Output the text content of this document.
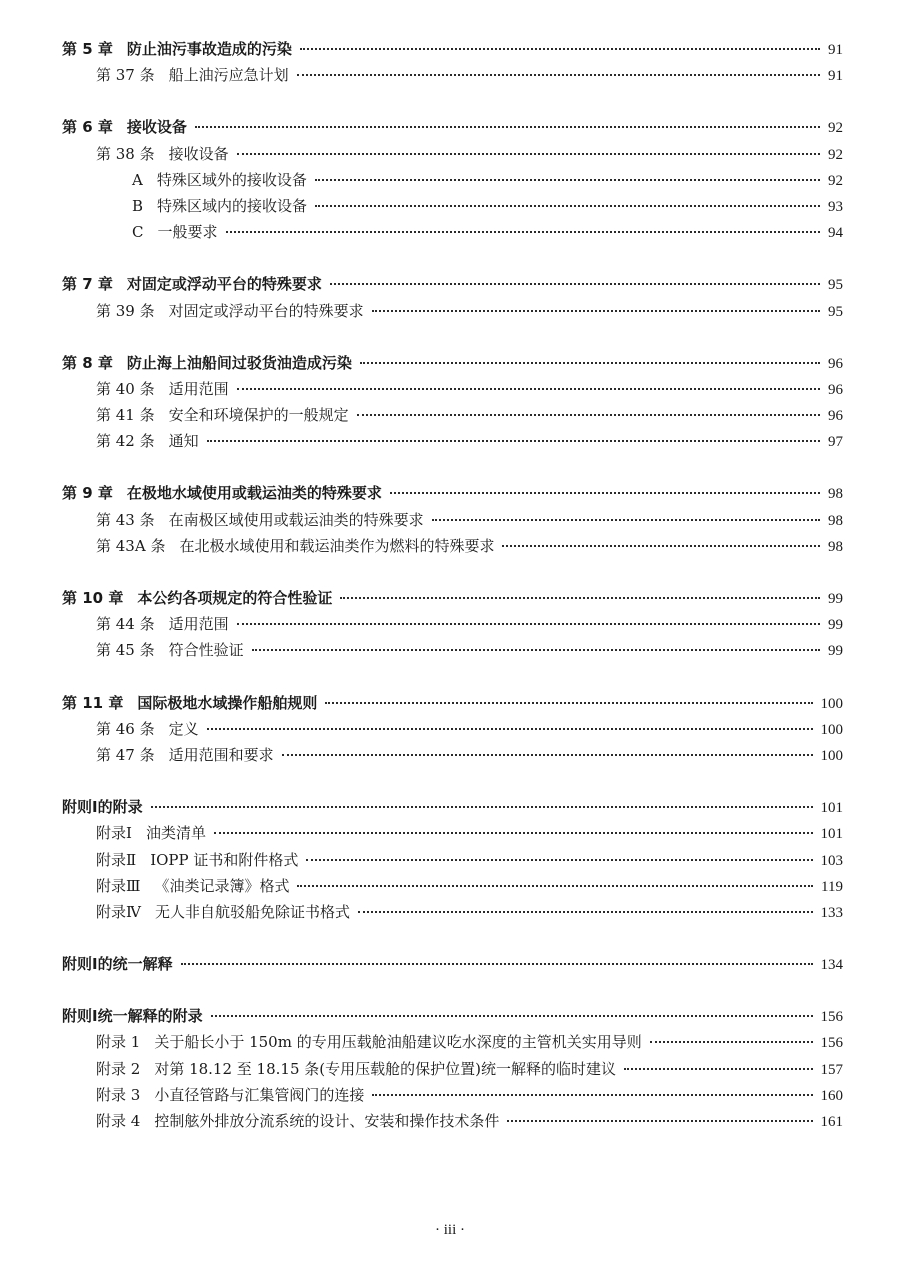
第 5 章 防止油污事故造成的污染	91
第 37 条 船上油污应急计划	91
第 6 章 接收设备	92
第 38 条 接收设备	92
A 特殊区域外的接收设备	92
B 特殊区域内的接收设备	93
C 一般要求	94
第 7 章 对固定或浮动平台的特殊要求	95
第 39 条 对固定或浮动平台的特殊要求	95
第 8 章 防止海上油船间过驳货油造成污染	96
第 40 条 适用范围	96
第 41 条 安全和环境保护的一般规定	96
第 42 条 通知	97
第 9 章 在极地水域使用或载运油类的特殊要求	98
第 43 条 在南极区域使用或载运油类的特殊要求	98
第 43A 条 在北极水域使用和载运油类作为燃料的特殊要求	98
第 10 章 本公约各项规定的符合性验证	99
第 44 条 适用范围	99
第 45 条 符合性验证	99
第 11 章 国际极地水域操作船舶规则	100
第 46 条 定义	100
第 47 条 适用范围和要求	100
附则Ⅰ的附录	101
附录Ⅰ 油类清单	101
附录Ⅱ IOPP 证书和附件格式	103
附录Ⅲ 《油类记录簿》格式	119
附录Ⅳ 无人非自航驳船免除证书格式	133
附则Ⅰ的统一解释	134
附则Ⅰ统一解释的附录	156
附录 1 关于船长小于 150m 的专用压载舱油船建议吃水深度的主管机关实用导则	156
附录 2 对第 18.12 至 18.15 条(专用压载舱的保护位置)统一解释的临时建议	157
附录 3 小直径管路与汇集管阀门的连接	160
附录 4 控制舷外排放分流系统的设计、安装和操作技术条件	161
· iii ·
